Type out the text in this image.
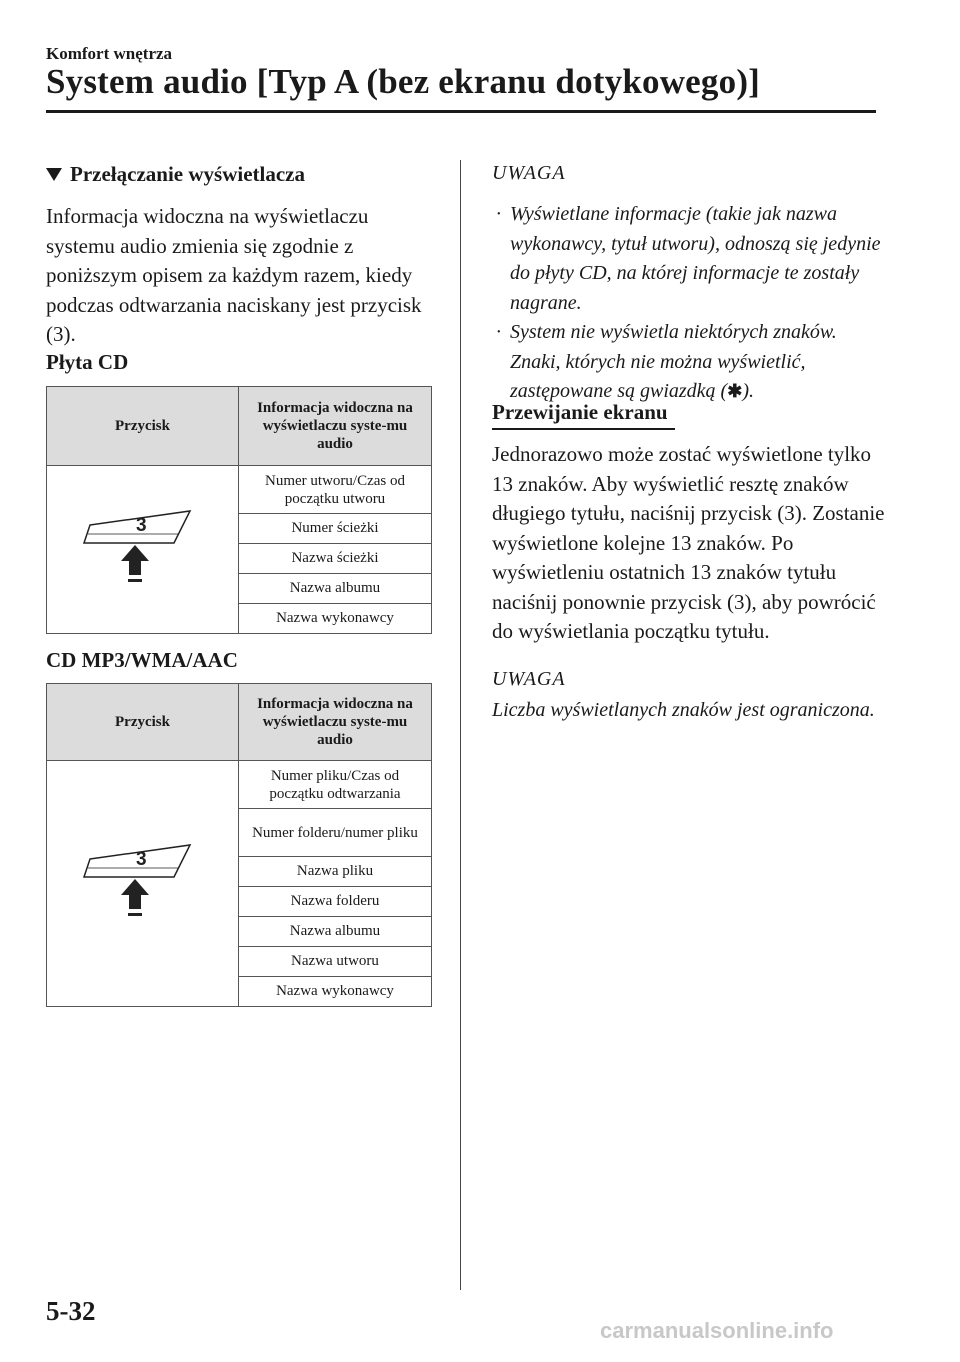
Komfort wnętrza
System audio [Typ A (bez ekranu dotykowego)]
Przełączanie wyświetlacza
Informacja widoczna na wyświetlaczu systemu audio zmienia się zgodnie z poniższym opisem za każdym razem, kiedy podczas odtwarzania naciskany jest przycisk (3).
Płyta CD
Przycisk	Informacja widoczna na wyświetlaczu syste-mu audio

3	Numer utworu/Czas od początku utworu
	Numer ścieżki
	Nazwa ścieżki
	Nazwa albumu
	Nazwa wykonawcy
CD MP3/WMA/AAC
Przycisk	Informacja widoczna na wyświetlaczu syste-mu audio

3	Numer pliku/Czas od początku odtwarzania
	Numer folderu/numer pliku
	Nazwa pliku
	Nazwa folderu
	Nazwa albumu
	Nazwa utworu
	Nazwa wykonawcy
UWAGA
· Wyświetlane informacje (takie jak nazwa wykonawcy, tytuł utworu), odnoszą się jedynie do płyty CD, na której informacje te zostały nagrane.
· System nie wyświetla niektórych znaków. Znaki, których nie można wyświetlić, zastępowane są gwiazdką (✱).
Przewijanie ekranu
Jednorazowo może zostać wyświetlone tylko 13 znaków. Aby wyświetlić resztę znaków długiego tytułu, naciśnij przycisk (3). Zostanie wyświetlone kolejne 13 znaków. Po wyświetleniu ostatnich 13 znaków tytułu naciśnij ponownie przycisk (3), aby powrócić do wyświetlania początku tytułu.
UWAGA
Liczba wyświetlanych znaków jest ograniczona.
5-32
carmanualsonline.info
